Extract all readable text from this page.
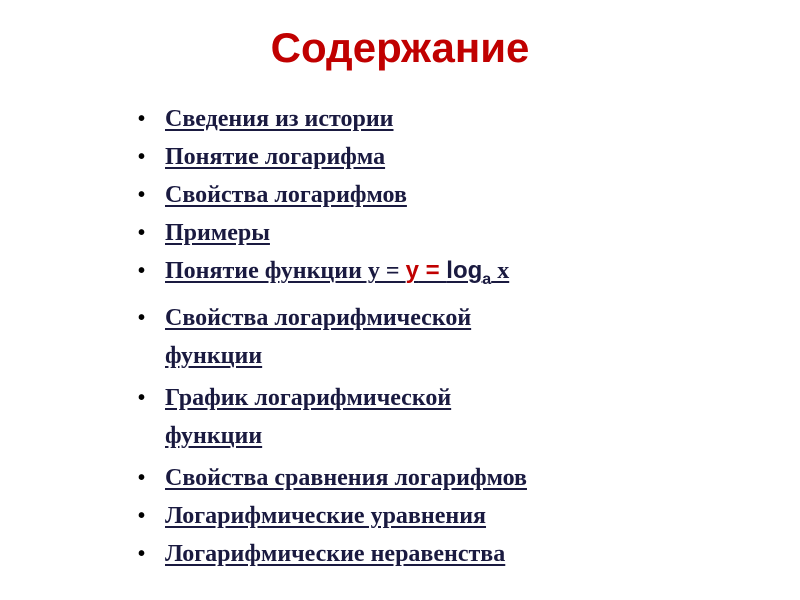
Содержание
• Сведения из истории
• Понятие логарифма
• Свойства логарифмов
• Примеры
• Понятие функции $y = у = \log_a x$
• Свойства логарифмической
функции
• График логарифмической
функции
• Свойства сравнения логарифмов
• Логарифмические уравнения
• Логарифмические неравенства
